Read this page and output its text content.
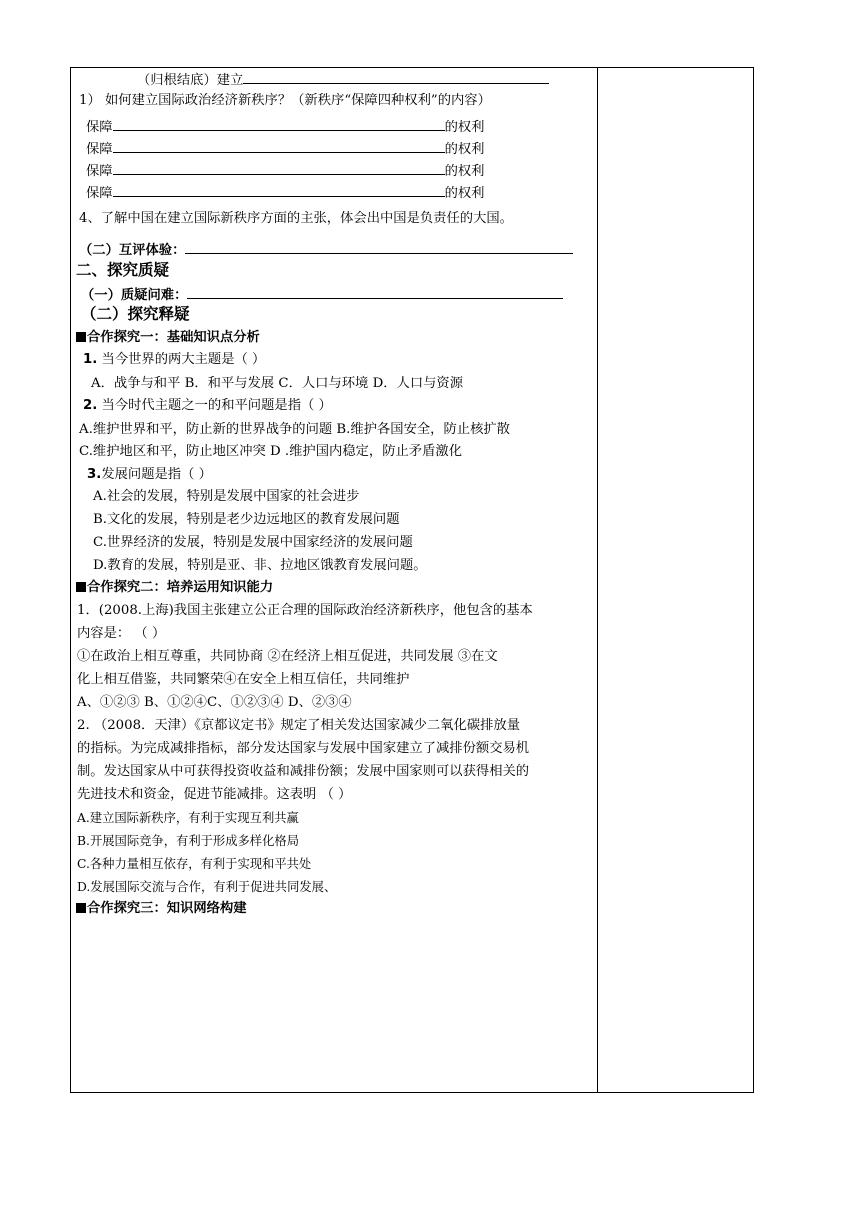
（归根结底）建立
1） 如何建立国际政治经济新秩序？（新秩序“保障四种权利”的内容）
保障	的权利
保障	的权利
保障	的权利
保障	的权利
4、了解中国在建立国际新秩序方面的主张，体会出中国是负责任的大国。
（二）互评体验：
二、探究质疑
（一）质疑问难：
（二）探究释疑
合作探究一：基础知识点分析
1. 当今世界的两大主题是（ ）
A．战争与和平 B．和平与发展 C．人口与环境 D．人口与资源
2. 当今时代主题之一的和平问题是指（ ）
A.维护世界和平，防止新的世界战争的问题 B.维护各国安全，防止核扩散
C.维护地区和平，防止地区冲突 D .维护国内稳定，防止矛盾激化
3.发展问题是指（ ）
A.社会的发展，特别是发展中国家的社会进步
B.文化的发展，特别是老少边远地区的教育发展问题
C.世界经济的发展，特别是发展中国家经济的发展问题
D.教育的发展，特别是亚、非、拉地区饿教育发展问题。
合作探究二：培养运用知识能力
1．(2008.上海)我国主张建立公正合理的国际政治经济新秩序，他包含的基本
内容是： （ ）
①在政治上相互尊重，共同协商 ②在经济上相互促进，共同发展 ③在文
化上相互借鉴，共同繁荣④在安全上相互信任，共同维护
A、①②③ B、①②④C、①②③④ D、②③④
2. （2008．天津）《京都议定书》规定了相关发达国家减少二氧化碳排放量
的指标。为完成减排指标，部分发达国家与发展中国家建立了减排份额交易机
制。发达国家从中可获得投资收益和减排份额；发展中国家则可以获得相关的
先进技术和资金，促进节能减排。这表明 （ ）
A.建立国际新秩序，有利于实现互利共赢
B.开展国际竞争，有利于形成多样化格局
C.各种力量相互依存，有利于实现和平共处
D.发展国际交流与合作，有利于促进共同发展、
合作探究三：知识网络构建
